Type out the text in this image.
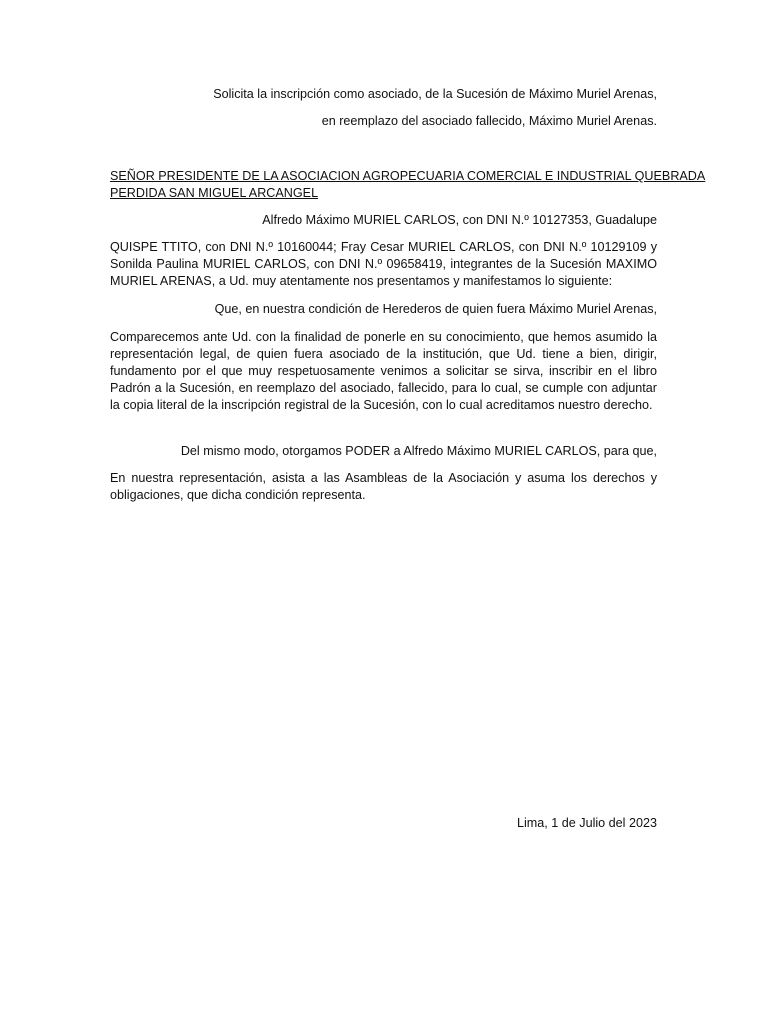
Solicita la inscripción como asociado, de la Sucesión de Máximo Muriel Arenas,
en reemplazo del asociado fallecido, Máximo Muriel Arenas.
SEÑOR PRESIDENTE DE LA ASOCIACION AGROPECUARIA COMERCIAL E INDUSTRIAL QUEBRADA
PERDIDA SAN MIGUEL ARCANGEL
Alfredo Máximo MURIEL CARLOS, con DNI N.º 10127353, Guadalupe
QUISPE TTITO, con DNI N.º 10160044; Fray Cesar MURIEL CARLOS, con DNI N.º 10129109 y Sonilda Paulina MURIEL CARLOS, con DNI N.º 09658419, integrantes de la Sucesión MAXIMO MURIEL ARENAS, a Ud. muy atentamente nos presentamos y manifestamos lo siguiente:
Que, en nuestra condición de Herederos de quien fuera Máximo Muriel Arenas,
Comparecemos ante Ud. con la finalidad de ponerle en su conocimiento, que hemos asumido la representación legal, de quien fuera asociado de la institución, que Ud. tiene a bien, dirigir, fundamento por el que muy respetuosamente venimos a solicitar se sirva, inscribir en el libro Padrón a la Sucesión, en reemplazo del asociado, fallecido, para lo cual, se cumple con adjuntar la copia literal de la inscripción registral de la Sucesión, con lo cual acreditamos nuestro derecho.
Del mismo modo, otorgamos PODER a Alfredo Máximo MURIEL CARLOS, para que,
En nuestra representación, asista a las Asambleas de la Asociación y asuma los derechos y obligaciones, que dicha condición representa.
Lima, 1 de Julio del 2023
